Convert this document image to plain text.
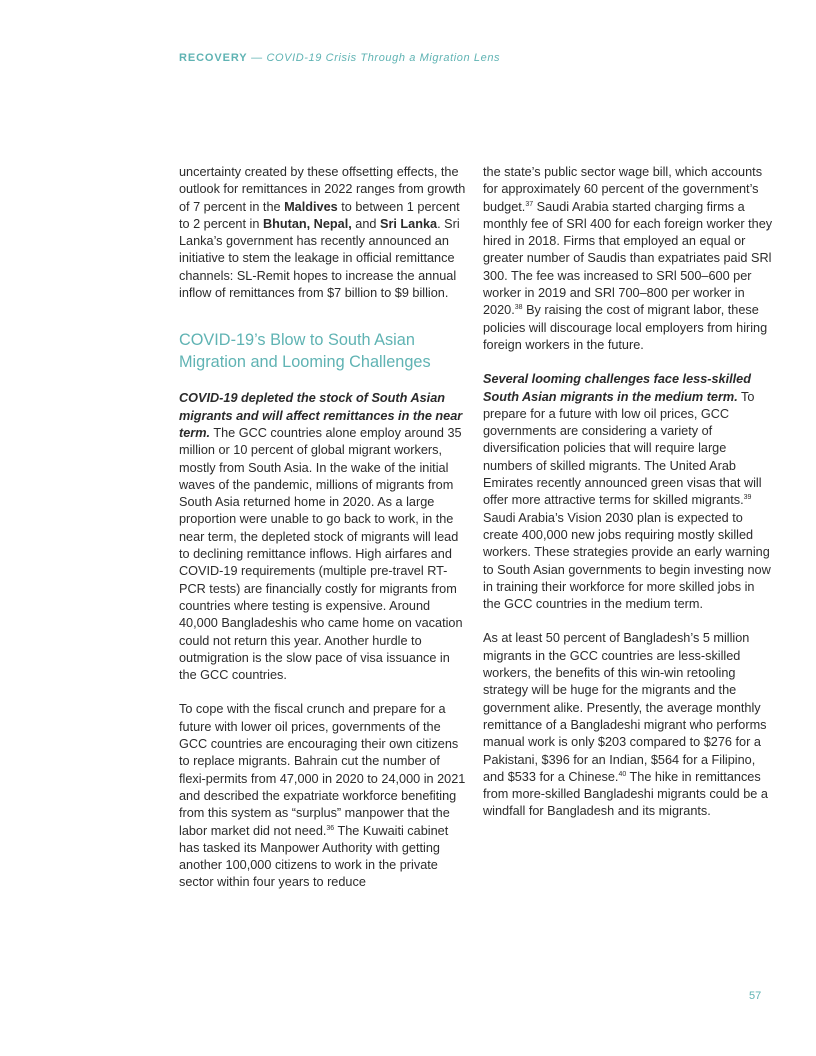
RECOVERY — COVID-19 Crisis Through a Migration Lens

uncertainty created by these offsetting effects, the outlook for remittances in 2022 ranges from growth of 7 percent in the Maldives to between 1 percent to 2 percent in Bhutan, Nepal, and Sri Lanka. Sri Lanka’s government has recently announced an initiative to stem the leakage in official remittance channels: SL-Remit hopes to increase the annual inflow of remittances from $7 billion to $9 billion.

COVID-19’s Blow to South Asian Migration and Looming Challenges

COVID-19 depleted the stock of South Asian migrants and will affect remittances in the near term. The GCC countries alone employ around 35 million or 10 percent of global migrant workers, mostly from South Asia. In the wake of the initial waves of the pandemic, millions of migrants from South Asia returned home in 2020. As a large proportion were unable to go back to work, in the near term, the depleted stock of migrants will lead to declining remittance inflows. High airfares and COVID-19 requirements (multiple pre-travel RT-PCR tests) are financially costly for migrants from countries where testing is expensive. Around 40,000 Bangladeshis who came home on vacation could not return this year. Another hurdle to outmigration is the slow pace of visa issuance in the GCC countries.

To cope with the fiscal crunch and prepare for a future with lower oil prices, governments of the GCC countries are encouraging their own citizens to replace migrants. Bahrain cut the number of flexi-permits from 47,000 in 2020 to 24,000 in 2021 and described the expatriate workforce benefiting from this system as “surplus” manpower that the labor market did not need.$^{36}$ The Kuwaiti cabinet has tasked its Manpower Authority with getting another 100,000 citizens to work in the private sector within four years to reduce

the state’s public sector wage bill, which accounts for approximately 60 percent of the government’s budget.$^{37}$ Saudi Arabia started charging firms a monthly fee of SRl 400 for each foreign worker they hired in 2018. Firms that employed an equal or greater number of Saudis than expatriates paid SRl 300. The fee was increased to SRl 500–600 per worker in 2019 and SRl 700–800 per worker in 2020.38 By raising the cost of migrant labor, these policies will discourage local employers from hiring foreign workers in the future.

Several looming challenges face less-skilled South Asian migrants in the medium term. To prepare for a future with low oil prices, GCC governments are considering a variety of diversification policies that will require large numbers of skilled migrants. The United Arab Emirates recently announced green visas that will offer more attractive terms for skilled migrants.$^{39}$ Saudi Arabia’s Vision 2030 plan is expected to create 400,000 new jobs requiring mostly skilled workers. These strategies provide an early warning to South Asian governments to begin investing now in training their workforce for more skilled jobs in the GCC countries in the medium term.

As at least 50 percent of Bangladesh’s 5 million migrants in the GCC countries are less-skilled workers, the benefits of this win-win retooling strategy will be huge for the migrants and the government alike. Presently, the average monthly remittance of a Bangladeshi migrant who performs manual work is only $203 compared to $276 for a Pakistani, $396 for an Indian, $564 for a Filipino, and $533 for a Chinese.$^{40}$ The hike in remittances from more-skilled Bangladeshi migrants could be a windfall for Bangladesh and its migrants.

57
